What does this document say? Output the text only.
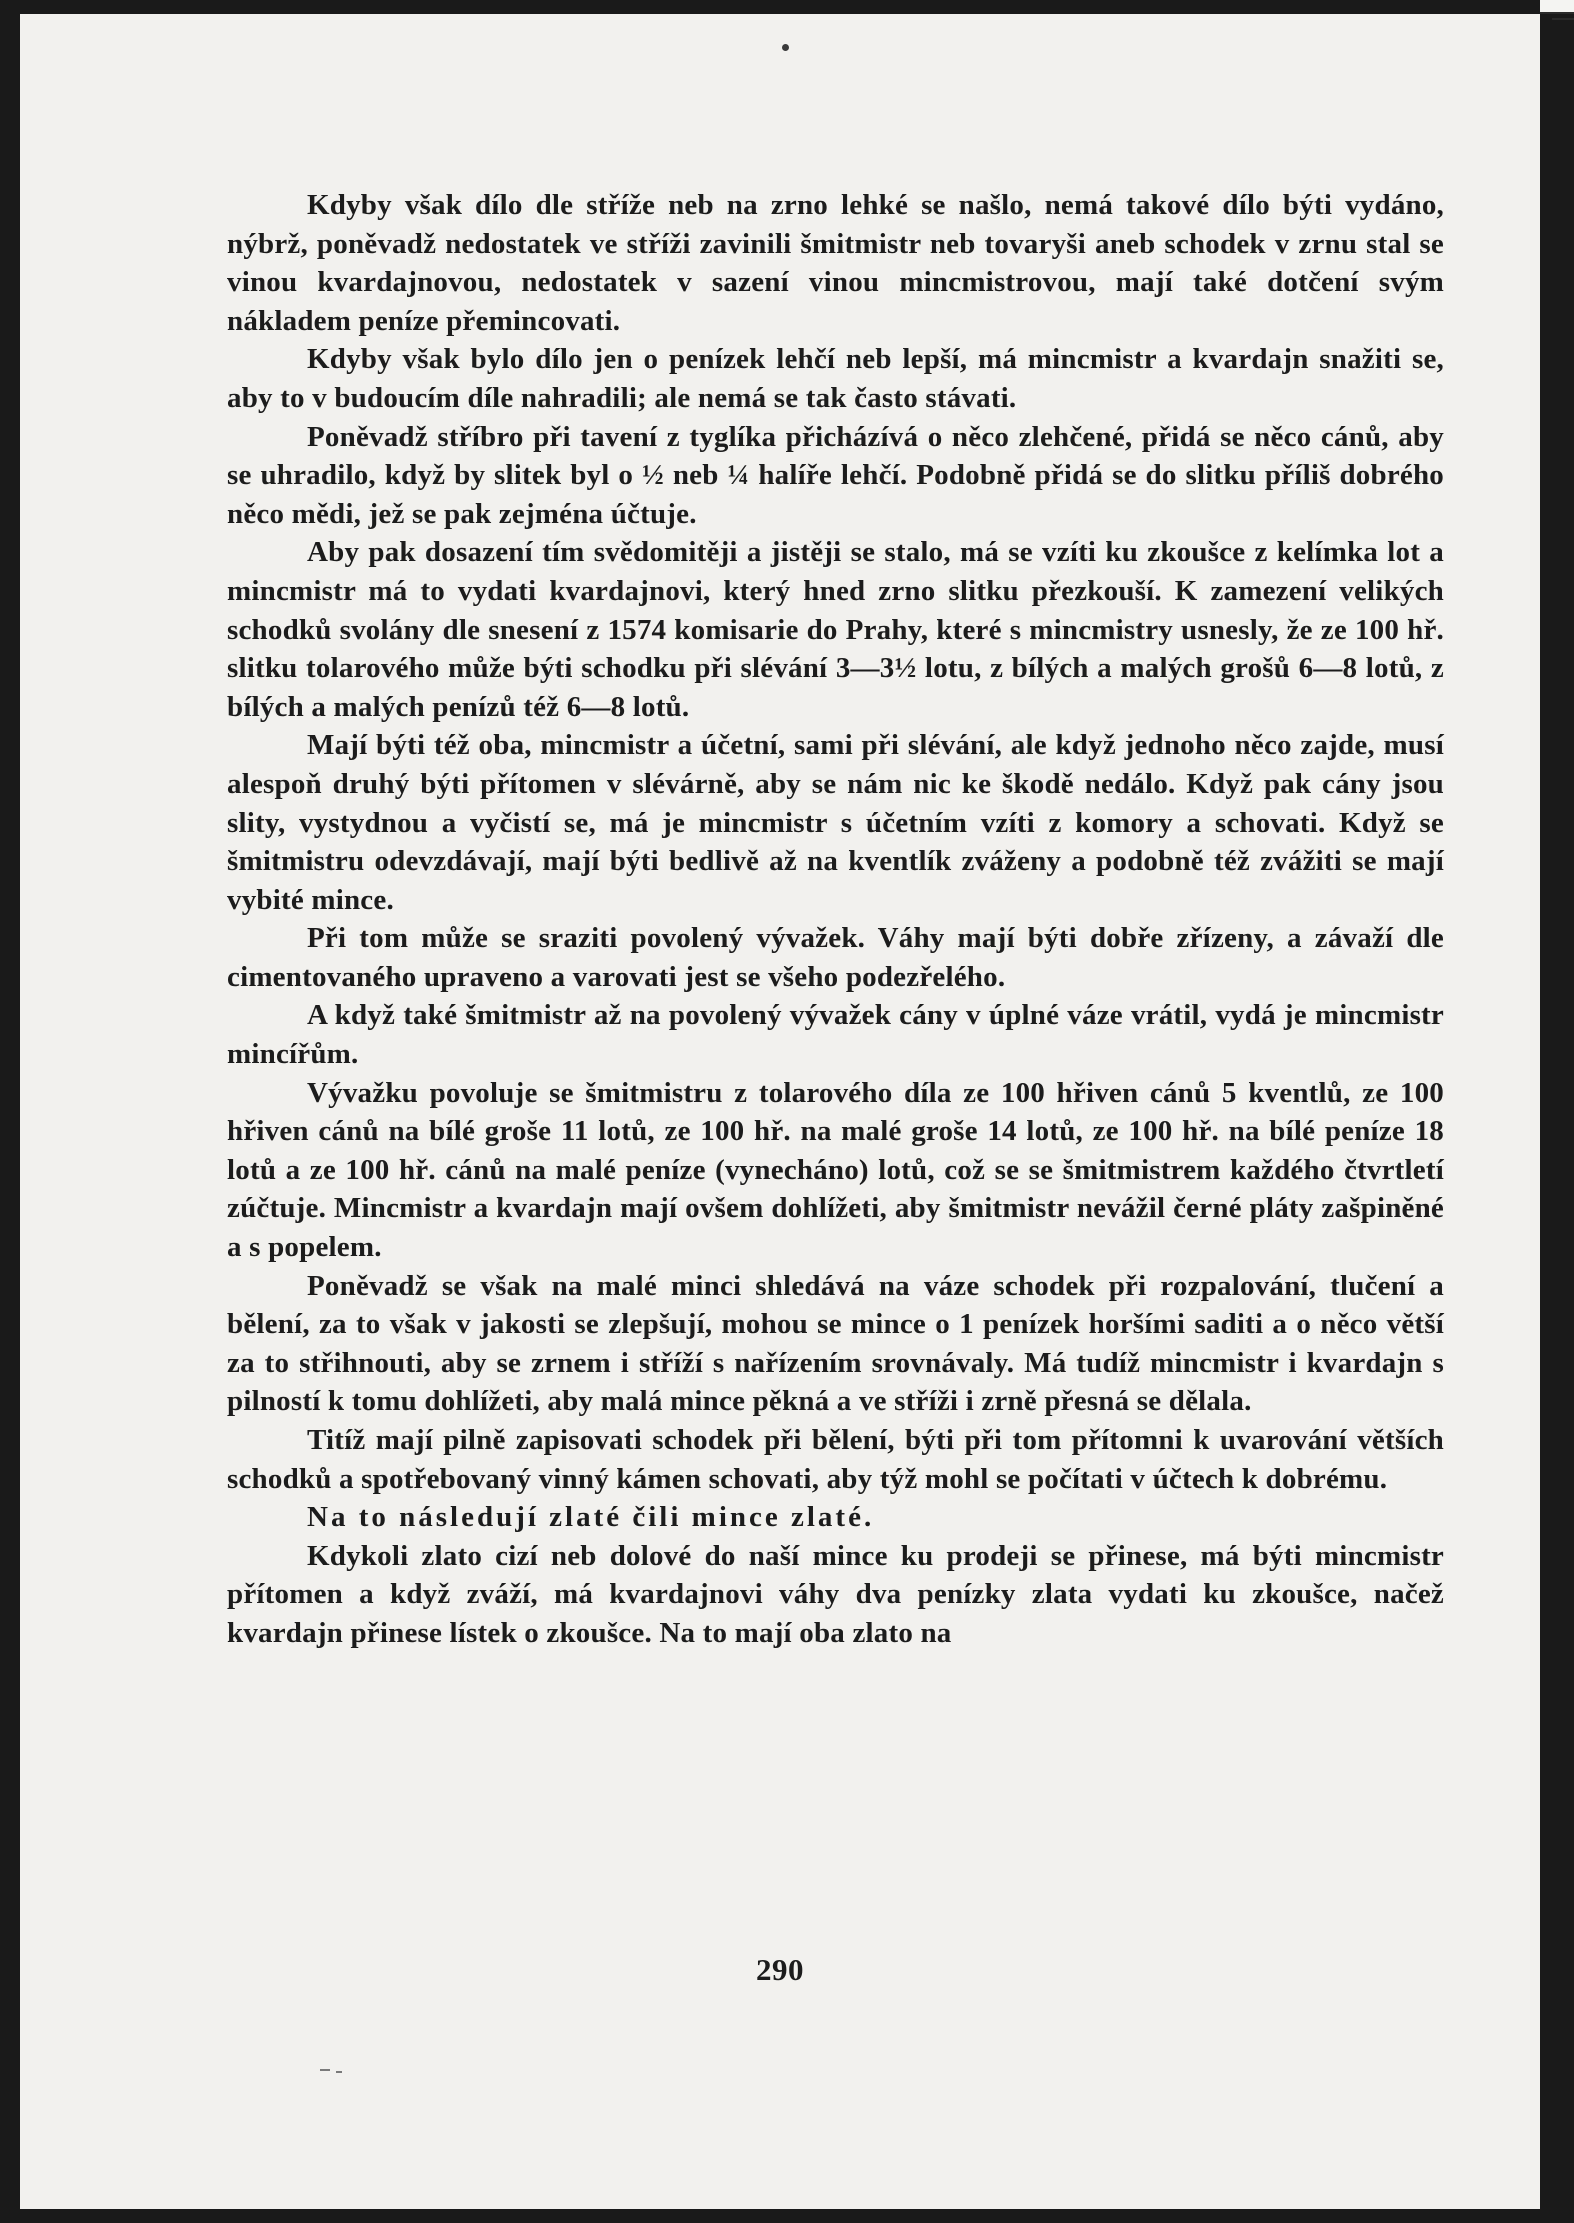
Kdyby však dílo dle stříže neb na zrno lehké se našlo, nemá takové dílo býti vydáno, nýbrž, poněvadž nedostatek ve stříži zavinili šmitmistr neb tovaryši aneb schodek v zrnu stal se vinou kvardajnovou, nedostatek v sazení vinou mincmistrovou, mají také dotčení svým nákladem peníze přemincovati.

Kdyby však bylo dílo jen o penízek lehčí neb lepší, má mincmistr a kvardajn snažiti se, aby to v budoucím díle nahradili; ale nemá se tak často stávati.

Poněvadž stříbro při tavení z tyglíka přicházívá o něco zlehčené, přidá se něco cánů, aby se uhradilo, když by slitek byl o ½ neb ¼ halíře lehčí. Podobně přidá se do slitku příliš dobrého něco mědi, jež se pak zejména účtuje.

Aby pak dosazení tím svědomitěji a jistěji se stalo, má se vzíti ku zkoušce z kelímka lot a mincmistr má to vydati kvardajnovi, který hned zrno slitku přezkouší. K zamezení velikých schodků svolány dle snesení z 1574 komisarie do Prahy, které s mincmistry usnesly, že ze 100 hř. slitku tolarového může býti schodku při slévání 3—3½ lotu, z bílých a malých grošů 6—8 lotů, z bílých a malých penízů též 6—8 lotů.

Mají býti též oba, mincmistr a účetní, sami při slévání, ale když jednoho něco zajde, musí alespoň druhý býti přítomen v slévárně, aby se nám nic ke škodě nedálo. Když pak cány jsou slity, vystydnou a vyčistí se, má je mincmistr s účetním vzíti z komory a schovati. Když se šmitmistru odevzdávají, mají býti bedlivě až na kventlík zváženy a podobně též zvážiti se mají vybité mince.

Při tom může se sraziti povolený vývažek. Váhy mají býti dobře zřízeny, a závaží dle cimentovaného upraveno a varovati jest se všeho podezřelého.

A když také šmitmistr až na povolený vývažek cány v úplné váze vrátil, vydá je mincmistr mincířům.

Vývažku povoluje se šmitmistru z tolarového díla ze 100 hřiven cánů 5 kventlů, ze 100 hřiven cánů na bílé groše 11 lotů, ze 100 hř. na malé groše 14 lotů, ze 100 hř. na bílé peníze 18 lotů a ze 100 hř. cánů na malé peníze (vynecháno) lotů, což se se šmitmistrem každého čtvrtletí zúčtuje. Mincmistr a kvardajn mají ovšem dohlížeti, aby šmitmistr nevážil černé pláty zašpiněné a s popelem.

Poněvadž se však na malé minci shledává na váze schodek při rozpalování, tlučení a bělení, za to však v jakosti se zlepšují, mohou se mince o 1 penízek horšími saditi a o něco větší za to střihnouti, aby se zrnem i stříží s nařízením srovnávaly. Má tudíž mincmistr i kvardajn s pilností k tomu dohlížeti, aby malá mince pěkná a ve stříži i zrně přesná se dělala.

Titíž mají pilně zapisovati schodek při bělení, býti při tom přítomni k uvarování větších schodků a spotřebovaný vinný kámen schovati, aby týž mohl se počítati v účtech k dobrému.

Na to následují zlaté čili mince zlaté.

Kdykoli zlato cizí neb dolové do naší mince ku prodeji se přinese, má býti mincmistr přítomen a když zváží, má kvardajnovi váhy dva penízky zlata vydati ku zkoušce, načež kvardajn přinese lístek o zkoušce. Na to mají oba zlato na

290
